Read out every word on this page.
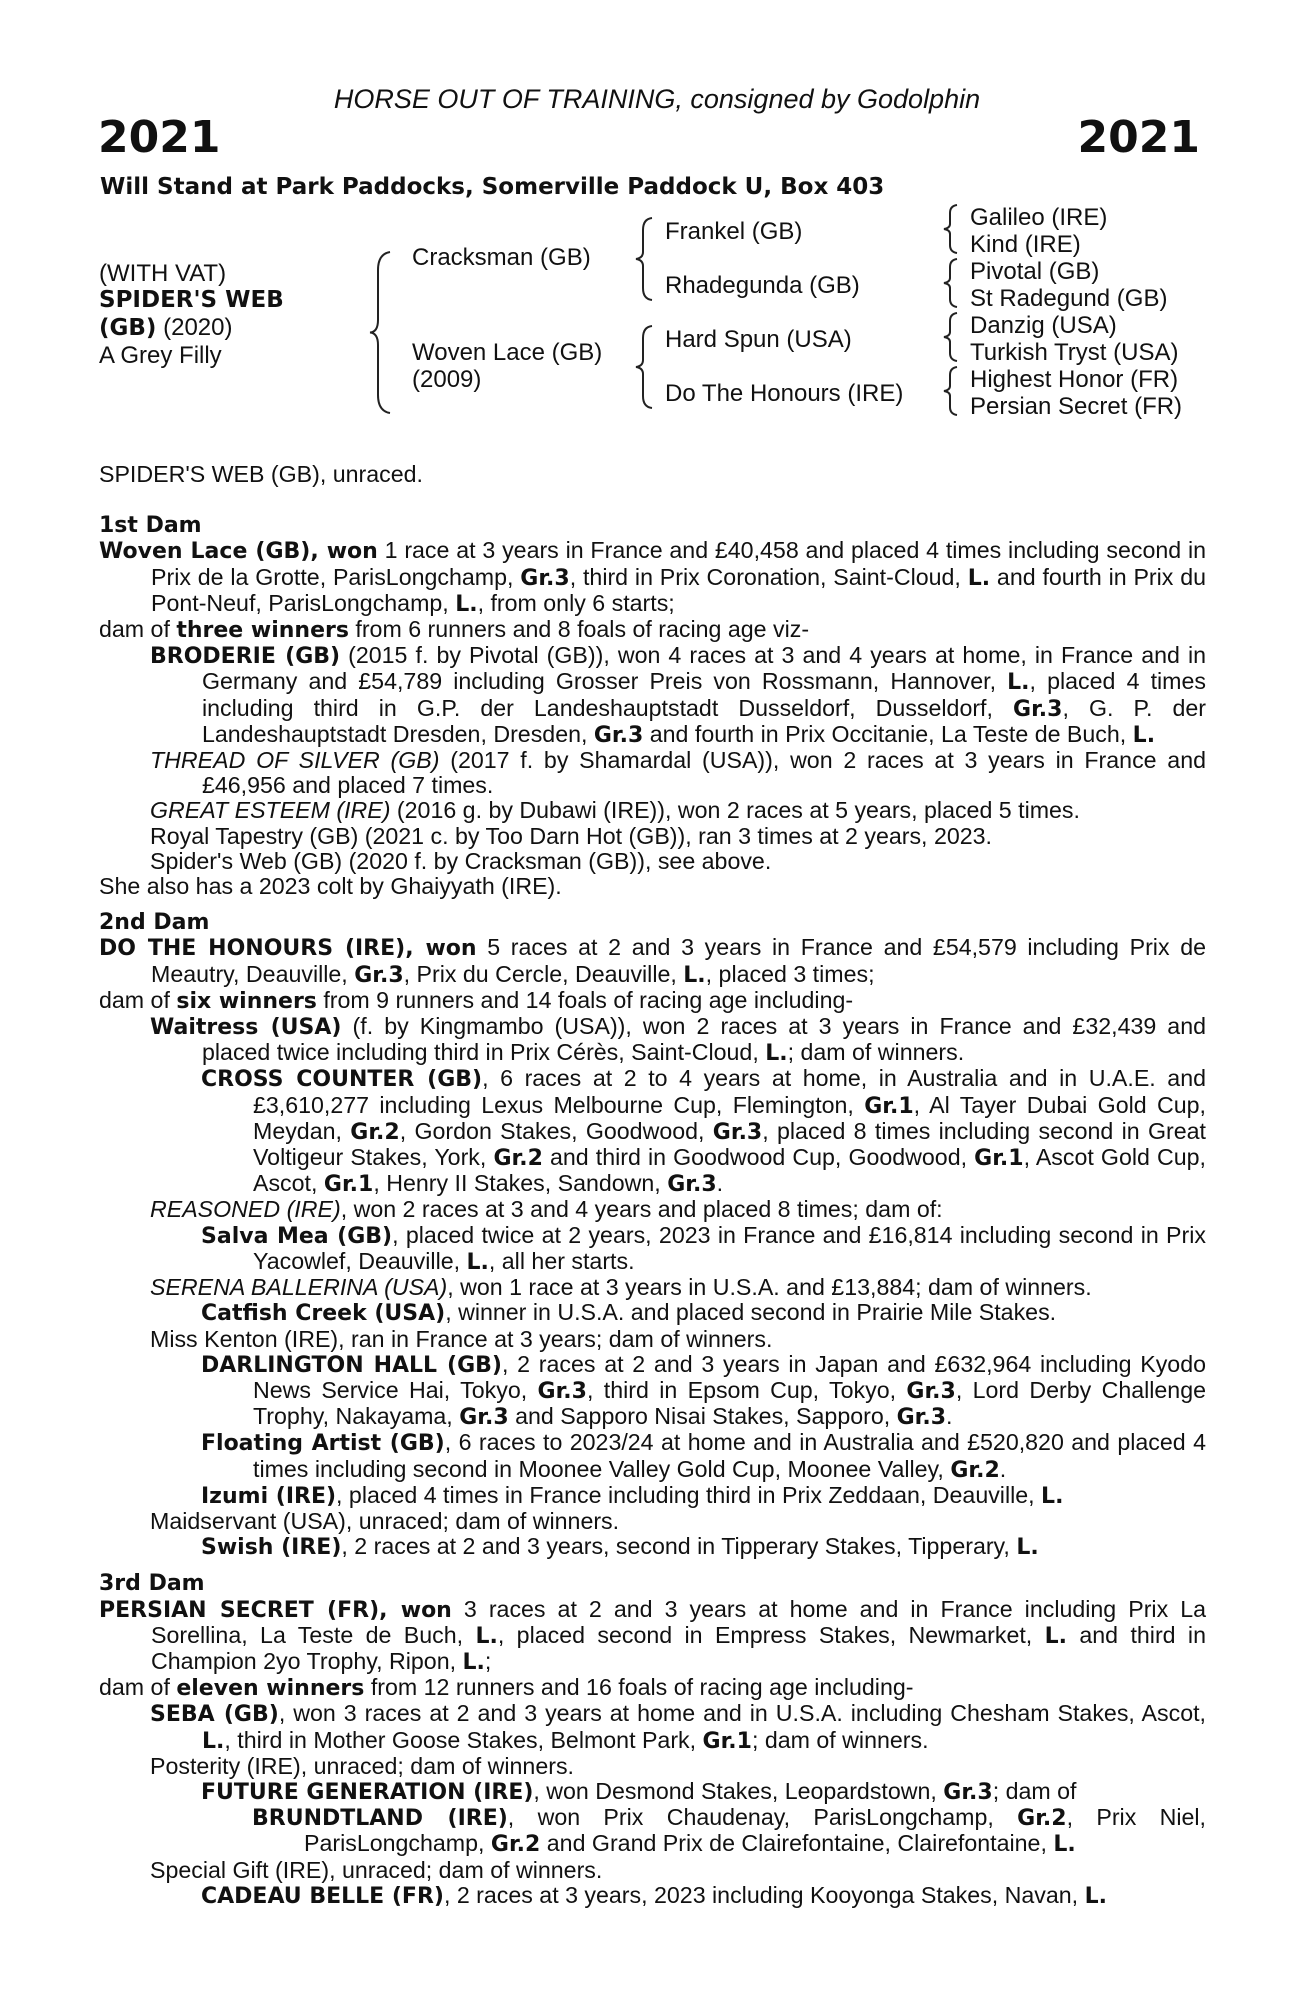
HORSE OUT OF TRAINING, consigned by Godolphin
2021	2021
Will Stand at Park Paddocks, Somerville Paddock U, Box 403
(WITH VAT)
SPIDER'S WEB
(GB) (2020)
A Grey Filly
Cracksman (GB)
Woven Lace (GB)
(2009)
Frankel (GB)
Rhadegunda (GB)
Hard Spun (USA)
Do The Honours (IRE)
Galileo (IRE)
Kind (IRE)
Pivotal (GB)
St Radegund (GB)
Danzig (USA)
Turkish Tryst (USA)
Highest Honor (FR)
Persian Secret (FR)

SPIDER'S WEB (GB), unraced.

1st Dam

Woven Lace (GB), won 1 race at 3 years in France and £40,458 and placed 4 times including second in Prix de la Grotte, ParisLongchamp, Gr.3, third in Prix Coronation, Saint-Cloud, L. and fourth in Prix du Pont-Neuf, ParisLongchamp, L., from only 6 starts;

dam of three winners from 6 runners and 8 foals of racing age viz-

BRODERIE (GB) (2015 f. by Pivotal (GB)), won 4 races at 3 and 4 years at home, in France and in Germany and £54,789 including Grosser Preis von Rossmann, Hannover, L., placed 4 times including third in G.P. der Landeshauptstadt Dusseldorf, Dusseldorf, Gr.3, G. P. der Landeshauptstadt Dresden, Dresden, Gr.3 and fourth in Prix Occitanie, La Teste de Buch, L.

THREAD OF SILVER (GB) (2017 f. by Shamardal (USA)), won 2 races at 3 years in France and £46,956 and placed 7 times.

GREAT ESTEEM (IRE) (2016 g. by Dubawi (IRE)), won 2 races at 5 years, placed 5 times.

Royal Tapestry (GB) (2021 c. by Too Darn Hot (GB)), ran 3 times at 2 years, 2023.

Spider's Web (GB) (2020 f. by Cracksman (GB)), see above.

She also has a 2023 colt by Ghaiyyath (IRE).

2nd Dam

DO THE HONOURS (IRE), won 5 races at 2 and 3 years in France and £54,579 including Prix de Meautry, Deauville, Gr.3, Prix du Cercle, Deauville, L., placed 3 times;

dam of six winners from 9 runners and 14 foals of racing age including-

Waitress (USA) (f. by Kingmambo (USA)), won 2 races at 3 years in France and £32,439 and placed twice including third in Prix Cérès, Saint-Cloud, L.; dam of winners.

CROSS COUNTER (GB), 6 races at 2 to 4 years at home, in Australia and in U.A.E. and £3,610,277 including Lexus Melbourne Cup, Flemington, Gr.1, Al Tayer Dubai Gold Cup, Meydan, Gr.2, Gordon Stakes, Goodwood, Gr.3, placed 8 times including second in Great Voltigeur Stakes, York, Gr.2 and third in Goodwood Cup, Goodwood, Gr.1, Ascot Gold Cup, Ascot, Gr.1, Henry II Stakes, Sandown, Gr.3.

REASONED (IRE), won 2 races at 3 and 4 years and placed 8 times; dam of:

Salva Mea (GB), placed twice at 2 years, 2023 in France and £16,814 including second in Prix Yacowlef, Deauville, L., all her starts.

SERENA BALLERINA (USA), won 1 race at 3 years in U.S.A. and £13,884; dam of winners.

Catfish Creek (USA), winner in U.S.A. and placed second in Prairie Mile Stakes.

Miss Kenton (IRE), ran in France at 3 years; dam of winners.

DARLINGTON HALL (GB), 2 races at 2 and 3 years in Japan and £632,964 including Kyodo News Service Hai, Tokyo, Gr.3, third in Epsom Cup, Tokyo, Gr.3, Lord Derby Challenge Trophy, Nakayama, Gr.3 and Sapporo Nisai Stakes, Sapporo, Gr.3.

Floating Artist (GB), 6 races to 2023/24 at home and in Australia and £520,820 and placed 4 times including second in Moonee Valley Gold Cup, Moonee Valley, Gr.2.

Izumi (IRE), placed 4 times in France including third in Prix Zeddaan, Deauville, L.

Maidservant (USA), unraced; dam of winners.

Swish (IRE), 2 races at 2 and 3 years, second in Tipperary Stakes, Tipperary, L.

3rd Dam

PERSIAN SECRET (FR), won 3 races at 2 and 3 years at home and in France including Prix La Sorellina, La Teste de Buch, L., placed second in Empress Stakes, Newmarket, L. and third in Champion 2yo Trophy, Ripon, L.;

dam of eleven winners from 12 runners and 16 foals of racing age including-

SEBA (GB), won 3 races at 2 and 3 years at home and in U.S.A. including Chesham Stakes, Ascot, L., third in Mother Goose Stakes, Belmont Park, Gr.1; dam of winners.

Posterity (IRE), unraced; dam of winners.

FUTURE GENERATION (IRE), won Desmond Stakes, Leopardstown, Gr.3; dam of

BRUNDTLAND (IRE), won Prix Chaudenay, ParisLongchamp, Gr.2, Prix Niel, ParisLongchamp, Gr.2 and Grand Prix de Clairefontaine, Clairefontaine, L.

Special Gift (IRE), unraced; dam of winners.

CADEAU BELLE (FR), 2 races at 3 years, 2023 including Kooyonga Stakes, Navan, L.
